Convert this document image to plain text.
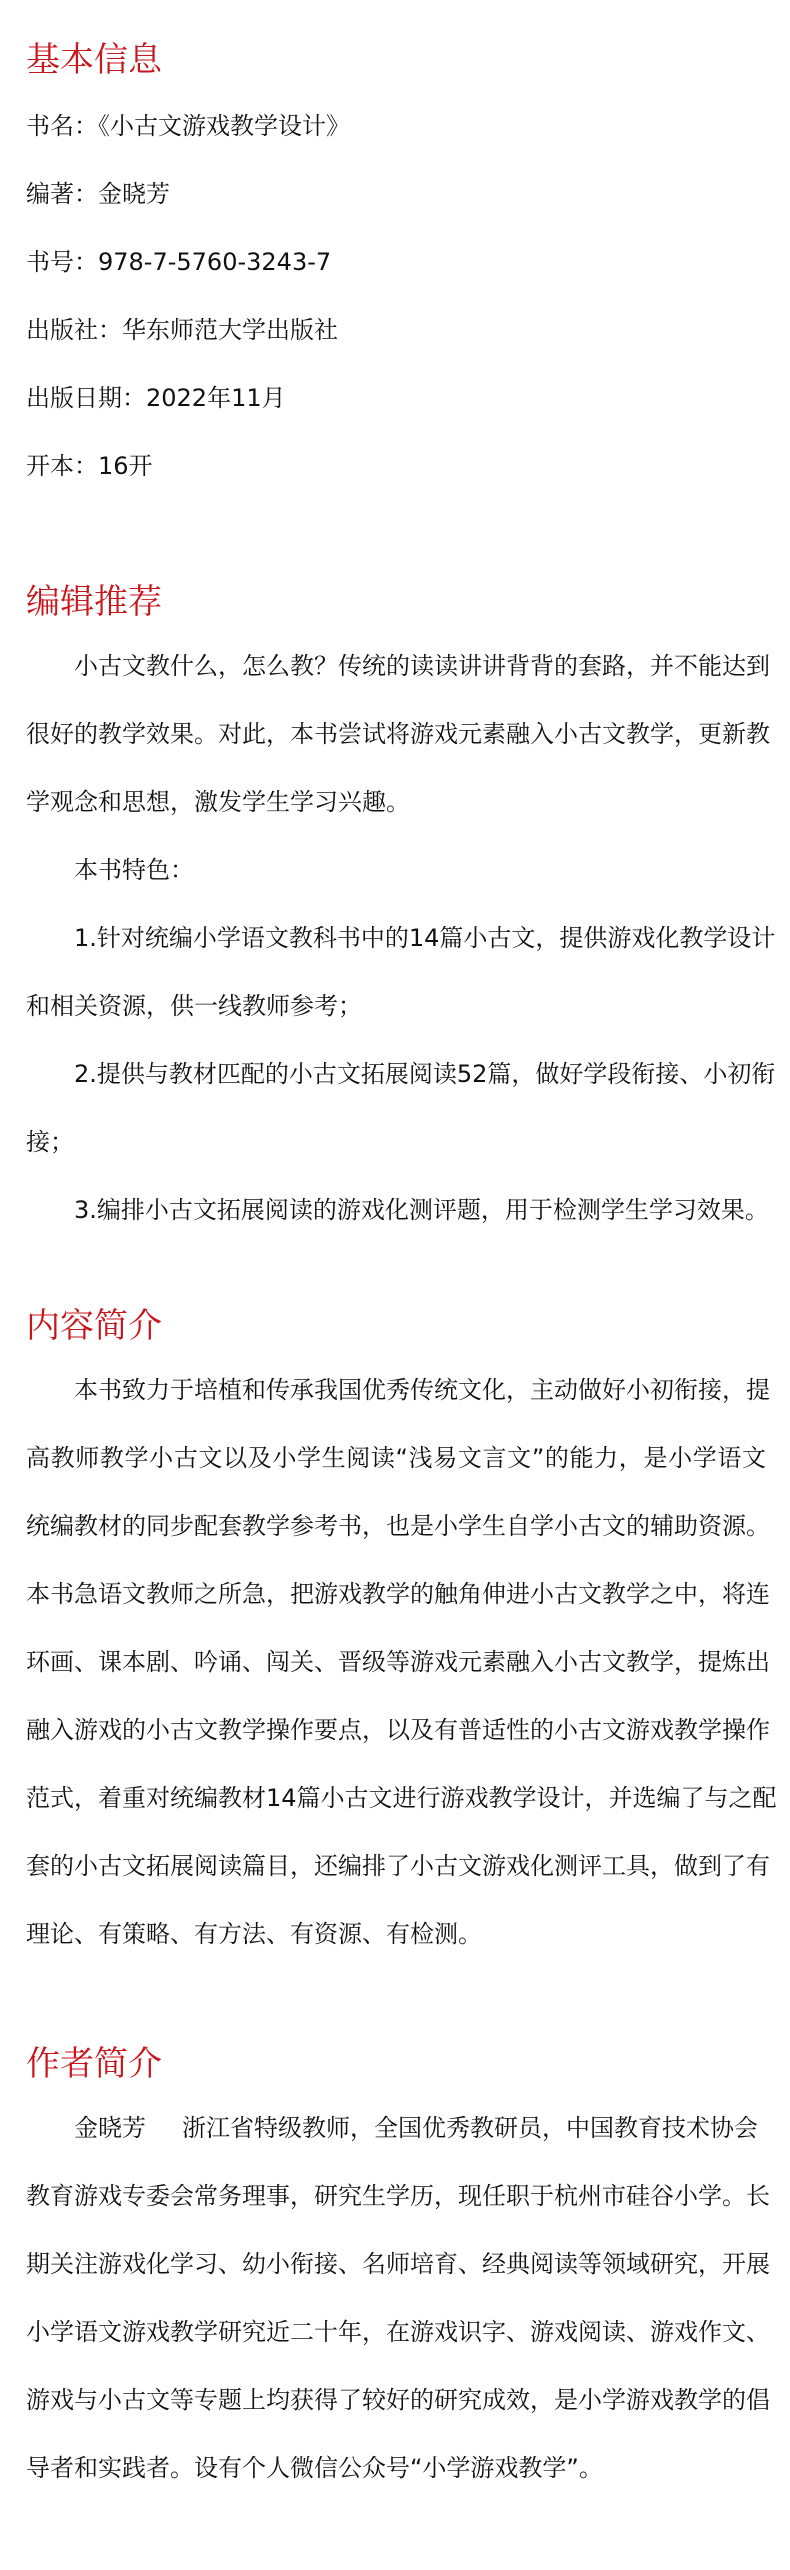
基本信息

书名：《小古文游戏教学设计》

编著：金晓芳

书号：978-7-5760-3243-7

出版社：华东师范大学出版社

出版日期：2022年11月

开本：16开

编辑推荐
小古文教什么，怎么教？传统的读读讲讲背背的套路，并不能达到
很好的教学效果。对此，本书尝试将游戏元素融入小古文教学，更新教
学观念和思想，激发学生学习兴趣。
本书特色：
1.针对统编小学语文教科书中的14篇小古文，提供游戏化教学设计
和相关资源，供一线教师参考；
2.提供与教材匹配的小古文拓展阅读52篇，做好学段衔接、小初衔
接；
3.编排小古文拓展阅读的游戏化测评题，用于检测学生学习效果。
内容简介
本书致力于培植和传承我国优秀传统文化，主动做好小初衔接，提
高教师教学小古文以及小学生阅读“浅易文言文”的能力，是小学语文
统编教材的同步配套教学参考书，也是小学生自学小古文的辅助资源。
本书急语文教师之所急，把游戏教学的触角伸进小古文教学之中，将连
环画、课本剧、吟诵、闯关、晋级等游戏元素融入小古文教学，提炼出
融入游戏的小古文教学操作要点，以及有普适性的小古文游戏教学操作
范式，着重对统编教材14篇小古文进行游戏教学设计，并选编了与之配
套的小古文拓展阅读篇目，还编排了小古文游戏化测评工具，做到了有
理论、有策略、有方法、有资源、有检测。
作者简介
金晓芳 浙江省特级教师，全国优秀教研员，中国教育技术协会
教育游戏专委会常务理事，研究生学历，现任职于杭州市硅谷小学。长
期关注游戏化学习、幼小衔接、名师培育、经典阅读等领域研究，开展
小学语文游戏教学研究近二十年，在游戏识字、游戏阅读、游戏作文、
游戏与小古文等专题上均获得了较好的研究成效，是小学游戏教学的倡
导者和实践者。设有个人微信公众号“小学游戏教学”。
